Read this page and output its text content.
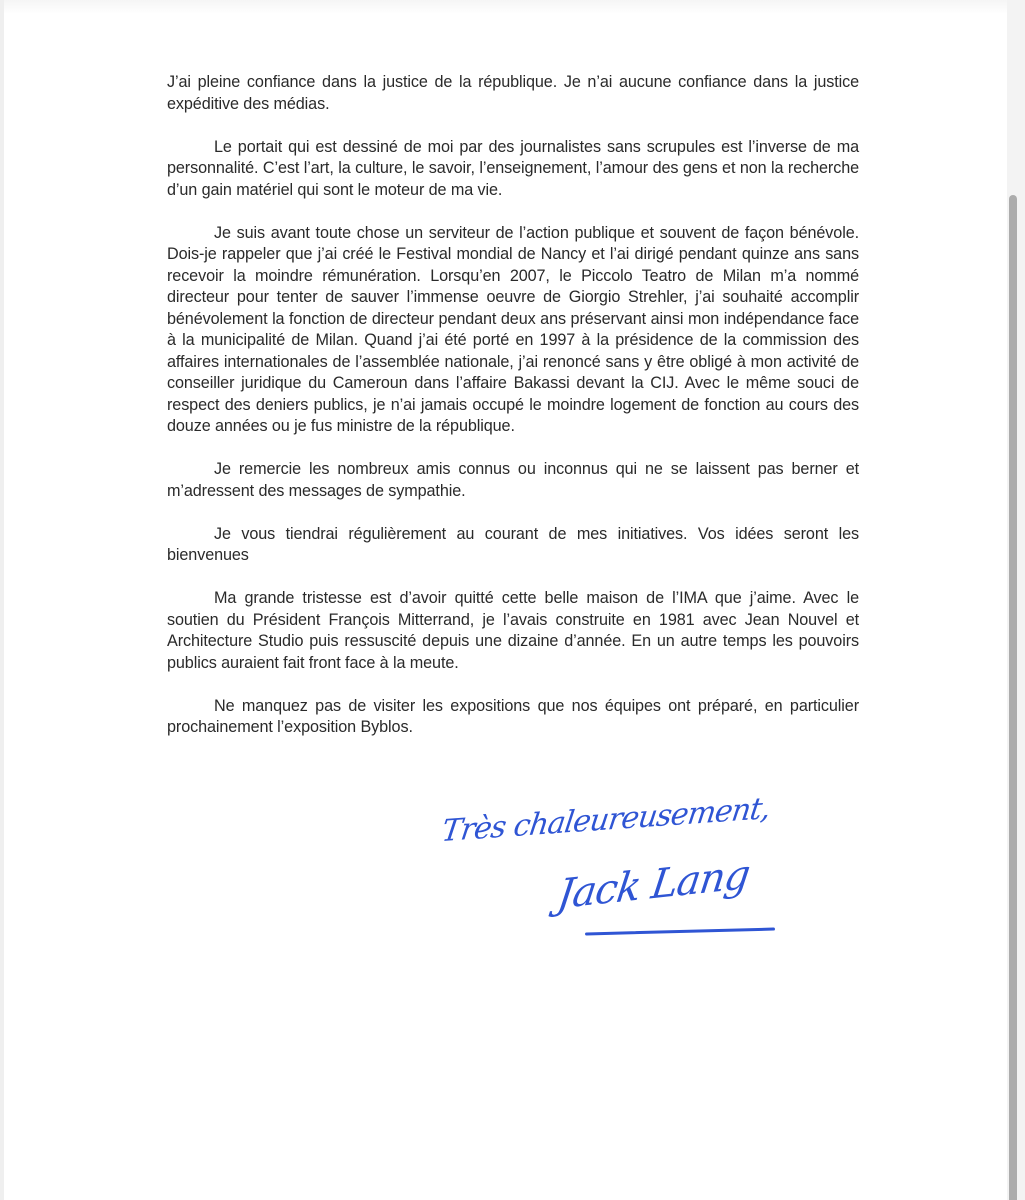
J’ai pleine confiance dans la justice de la république. Je n’ai aucune confiance dans la justice expéditive des médias.

Le portait qui est dessiné de moi par des journalistes sans scrupules est l’inverse de ma personnalité. C’est l’art, la culture, le savoir, l’enseignement, l’amour des gens et non la recherche d’un gain matériel qui sont le moteur de ma vie.

Je suis avant toute chose un serviteur de l’action publique et souvent de façon bénévole. Dois-je rappeler que j’ai créé le Festival mondial de Nancy et l’ai dirigé pendant quinze ans sans recevoir la moindre rémunération. Lorsqu’en 2007, le Piccolo Teatro de Milan m’a nommé directeur pour tenter de sauver l’immense oeuvre de Giorgio Strehler, j’ai souhaité accomplir bénévolement la fonction de directeur pendant deux ans préservant ainsi mon indépendance face à la municipalité de Milan. Quand j’ai été porté en 1997 à la présidence de la commission des affaires internationales de l’assemblée nationale, j’ai renoncé sans y être obligé à mon activité de conseiller juridique du Cameroun dans l’affaire Bakassi devant la CIJ. Avec le même souci de respect des deniers publics, je n’ai jamais occupé le moindre logement de fonction au cours des douze années ou je fus ministre de la république.

Je remercie les nombreux amis connus ou inconnus qui ne se laissent pas berner et m’adressent des messages de sympathie.

Je vous tiendrai régulièrement au courant de mes initiatives. Vos idées seront les bienvenues

Ma grande tristesse est d’avoir quitté cette belle maison de l’IMA que j’aime. Avec le soutien du Président François Mitterrand, je l’avais construite en 1981 avec Jean Nouvel et Architecture Studio puis ressuscité depuis une dizaine d’année. En un autre temps les pouvoirs publics auraient fait front face à la meute.

Ne manquez pas de visiter les expositions que nos équipes ont préparé, en particulier prochainement l’exposition Byblos.

Très chaleureusement,
Jack Lang
